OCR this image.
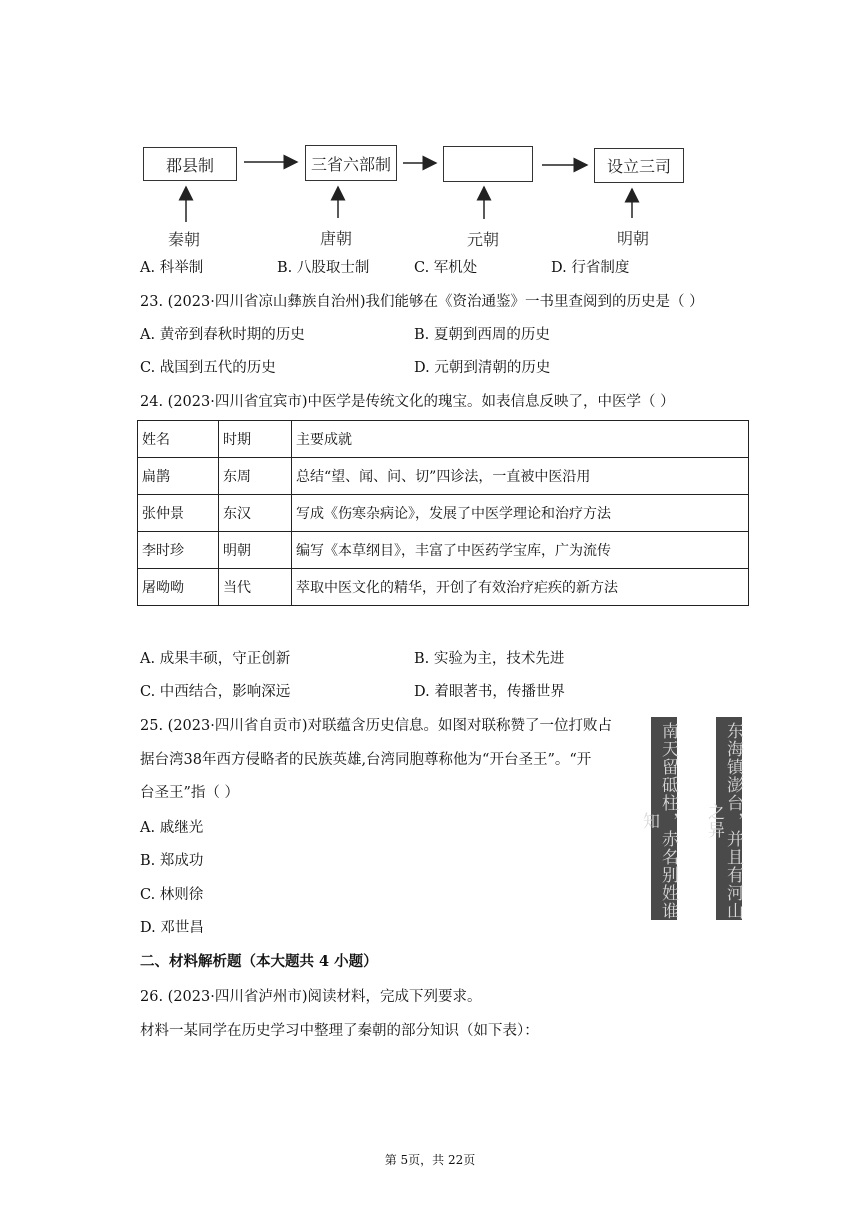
郡县制	三省六部制	设立三司
秦朝	唐朝	元朝	明朝
A. 科举制	B. 八股取士制	C. 军机处	D. 行省制度
23. (2023·四川省凉山彝族自治州)我们能够在《资治通鉴》一书里查阅到的历史是（ ）
A. 黄帝到春秋时期的历史	B. 夏朝到西周的历史
C. 战国到五代的历史	D. 元朝到清朝的历史
24. (2023·四川省宜宾市)中医学是传统文化的瑰宝。如表信息反映了，中医学（ ）
姓名	时期	主要成就
扁鹊	东周	总结“望、闻、问、切”四诊法，一直被中医沿用
张仲景	东汉	写成《伤寒杂病论》，发展了中医学理论和治疗方法
李时珍	明朝	编写《本草纲目》，丰富了中医药学宝库，广为流传
屠呦呦	当代	萃取中医文化的精华，开创了有效治疗疟疾的新方法
A. 成果丰硕，守正创新	B. 实验为主，技术先进
C. 中西结合，影响深远	D. 着眼著书，传播世界
25. (2023·四川省自贡市)对联蕴含历史信息。如图对联称赞了一位打败占
据台湾38年西方侵略者的民族英雄,台湾同胞尊称他为“开台圣王”。“开
台圣王”指（ ）
A. 戚继光
B. 郑成功
C. 林则徐
D. 邓世昌
南天留砥柱，赤名别姓谁知	东海镇澎台，并且有河山之异
二、材料解析题（本大题共 4 小题）
26. (2023·四川省泸州市)阅读材料，完成下列要求。
材料一某同学在历史学习中整理了秦朝的部分知识（如下表）：
第 5页，共 22页
